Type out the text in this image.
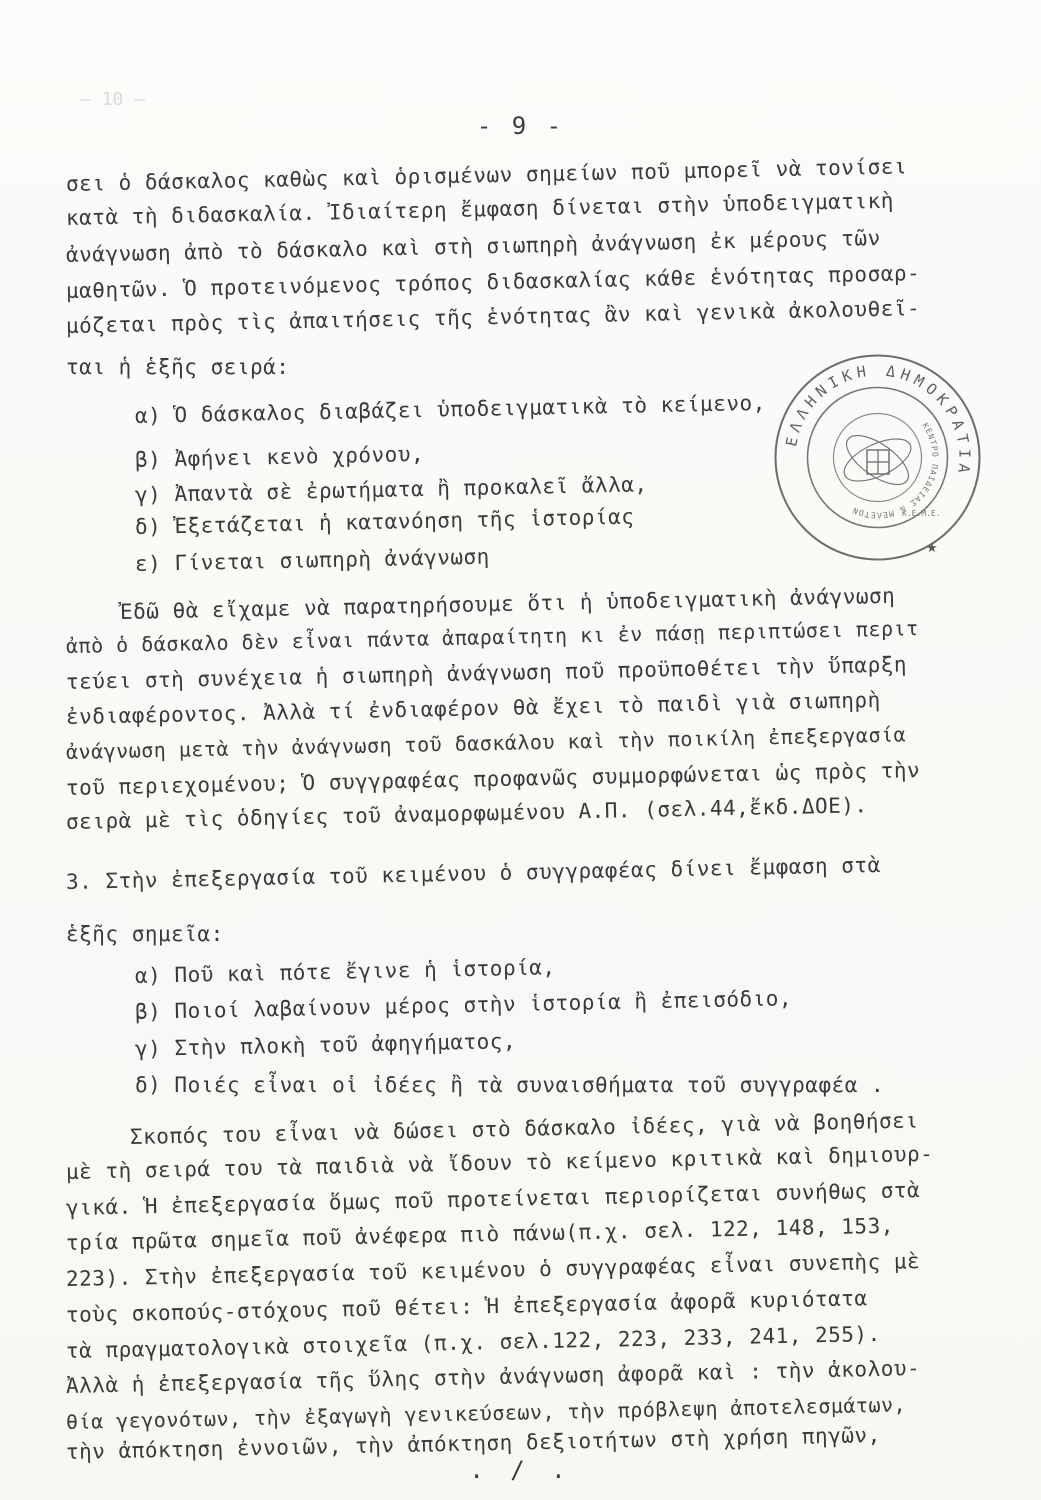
— 10 —
- 9 -
σει ὁ δάσκαλος καθὼς καὶ ὁρισμένων σημείων ποῦ μπορεῖ νὰ τονίσει
κατὰ τὴ διδασκαλία. Ἰδιαίτερη ἔμφαση δίνεται στὴν ὑποδειγματικὴ
ἀνάγνωση ἀπὸ τὸ δάσκαλο καὶ στὴ σιωπηρὴ ἀνάγνωση ἐκ μέρους τῶν
μαθητῶν. Ὁ προτεινόμενος τρόπος διδασκαλίας κάθε ἑνότητας προσαρ-
μόζεται πρὸς τὶς ἀπαιτήσεις τῆς ἑνότητας ἂν καὶ γενικὰ ἀκολουθεῖ-
ται ἡ ἑξῆς σειρά:
α) Ὁ δάσκαλος διαβάζει ὑποδειγματικὰ τὸ κείμενο,
β) Ἀφήνει κενὸ χρόνου,
γ) Ἀπαντὰ σὲ ἐρωτήματα ἢ προκαλεῖ ἄλλα,
δ) Ἐξετάζεται ἡ κατανόηση τῆς ἱστορίας
ε) Γίνεται σιωπηρὴ ἀνάγνωση
Ἐδῶ θὰ εἴχαμε νὰ παρατηρήσουμε ὅτι ἡ ὑποδειγματικὴ ἀνάγνωση
ἀπὸ ὁ δάσκαλο δὲν εἶναι πάντα ἀπαραίτητη κι ἐν πάσῃ περιπτώσει περιτ
τεύει στὴ συνέχεια ἡ σιωπηρὴ ἀνάγνωση ποῦ προϋποθέτει τὴν ὕπαρξη
ἐνδιαφέροντος. Ἀλλὰ τί ἐνδιαφέρον θὰ ἔχει τὸ παιδὶ γιὰ σιωπηρὴ
ἀνάγνωση μετὰ τὴν ἀνάγνωση τοῦ δασκάλου καὶ τὴν ποικίλη ἐπεξεργασία
τοῦ περιεχομένου; Ὁ συγγραφέας προφανῶς συμμορφώνεται ὡς πρὸς τὴν
σειρὰ μὲ τὶς ὁδηγίες τοῦ ἀναμορφωμένου Α.Π. (σελ.44,ἔκδ.ΔΟΕ).
3. Στὴν ἐπεξεργασία τοῦ κειμένου ὁ συγγραφέας δίνει ἔμφαση στὰ
ἑξῆς σημεῖα:
α) Ποῦ καὶ πότε ἔγινε ἡ ἱστορία,
β) Ποιοί λαβαίνουν μέρος στὴν ἱστορία ἢ ἐπεισόδιο,
γ) Στὴν πλοκὴ τοῦ ἀφηγήματος,
δ) Ποιές εἶναι οἱ ἰδέες ἢ τὰ συναισθήματα τοῦ συγγραφέα .
Σκοπός του εἶναι νὰ δώσει στὸ δάσκαλο ἰδέες, γιὰ νὰ βοηθήσει
μὲ τὴ σειρά του τὰ παιδιὰ νὰ ἴδουν τὸ κείμενο κριτικὰ καὶ δημιουρ-
γικά. Ἡ ἐπεξεργασία ὅμως ποῦ προτείνεται περιορίζεται συνήθως στὰ
τρία πρῶτα σημεῖα ποῦ ἀνέφερα πιὸ πάνω(π.χ. σελ. 122, 148, 153,
223). Στὴν ἐπεξεργασία τοῦ κειμένου ὁ συγγραφέας εἶναι συνεπὴς μὲ
τοὺς σκοπούς-στόχους ποῦ θέτει: Ἡ ἐπεξεργασία ἀφορᾶ κυριότατα
τὰ πραγματολογικὰ στοιχεῖα (π.χ. σελ.122, 223, 233, 241, 255).
Ἀλλὰ ἡ ἐπεξεργασία τῆς ὕλης στὴν ἀνάγνωση ἀφορᾶ καὶ : τὴν ἀκολου-
θία γεγονότων, τὴν ἐξαγωγὴ γενικεύσεων, τὴν πρόβλεψη ἀποτελεσμάτων,
τὴν ἀπόκτηση ἐννοιῶν, τὴν ἀπόκτηση δεξιοτήτων στὴ χρήση πηγῶν,
. / .
ΕΛΛΗΝΙΚΗ ΔΗΜΟΚΡΑΤΙΑ
ΚΕΝΤΡΟ ΠΑΙΔΕΙΑΣ & ΜΕΛΕΤΩΝ	Κ.Ε.Μ.Ε.
★
